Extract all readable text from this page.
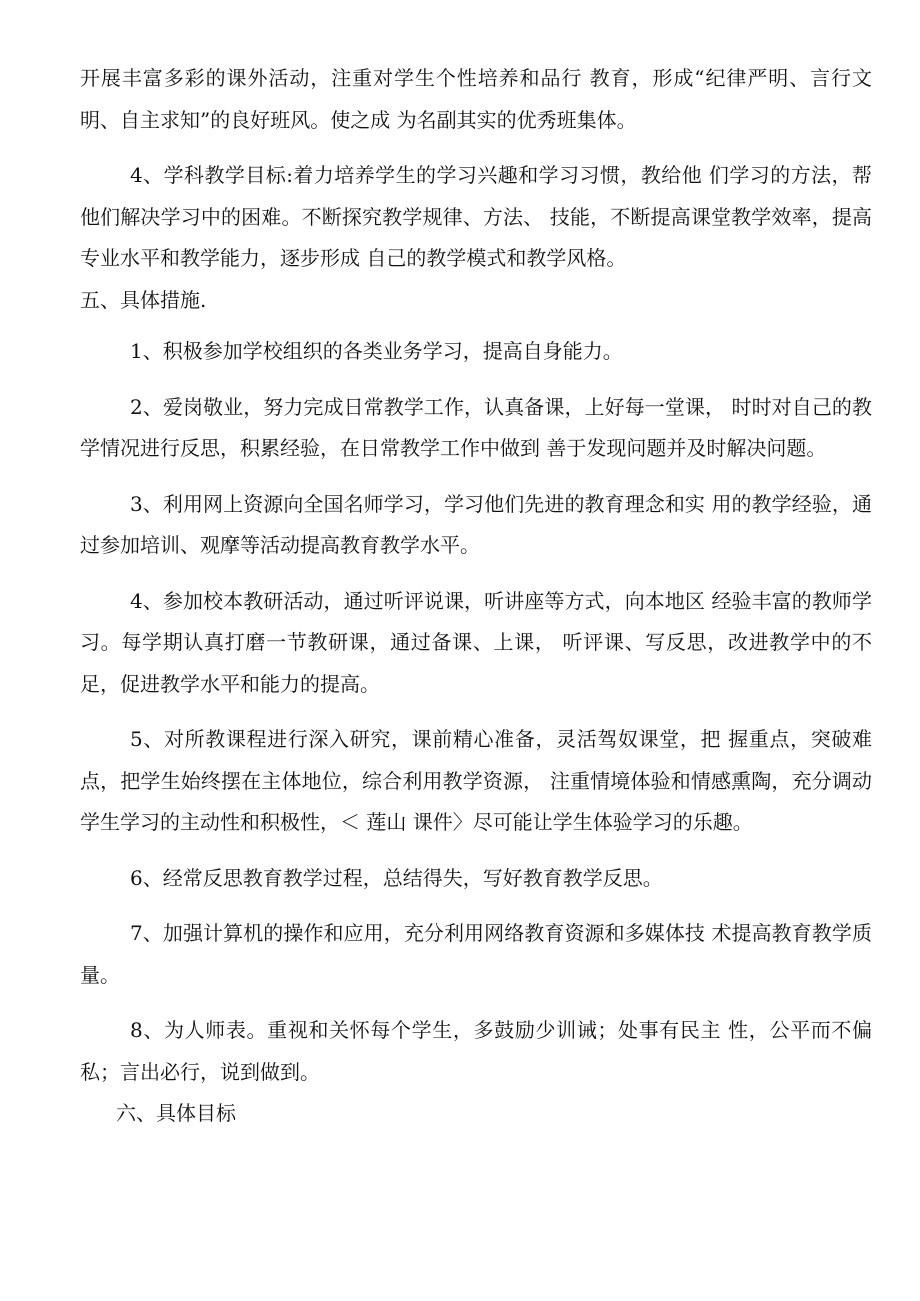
开展丰富多彩的课外活动，注重对学生个性培养和品行 教育，形成“纪律严明、言行文明、自主求知”的良好班风。使之成 为名副其实的优秀班集体。

4、学科教学目标:着力培养学生的学习兴趣和学习习惯，教给他 们学习的方法，帮他们解决学习中的困难。不断探究教学规律、方法、 技能，不断提高课堂教学效率，提高专业水平和教学能力，逐步形成 自己的教学模式和教学风格。

五、具体措施.

1、积极参加学校组织的各类业务学习，提高自身能力。

2、爱岗敬业，努力完成日常教学工作，认真备课，上好每一堂课， 时时对自己的教学情况进行反思，积累经验，在日常教学工作中做到 善于发现问题并及时解决问题。

3、利用网上资源向全国名师学习，学习他们先进的教育理念和实 用的教学经验，通过参加培训、观摩等活动提高教育教学水平。

4、参加校本教研活动，通过听评说课，听讲座等方式，向本地区 经验丰富的教师学习。每学期认真打磨一节教研课，通过备课、上课， 听评课、写反思，改进教学中的不足，促进教学水平和能力的提高。

5、对所教课程进行深入研究，课前精心准备，灵活驾奴课堂，把 握重点，突破难点，把学生始终摆在主体地位，综合利用教学资源， 注重情境体验和情感熏陶，充分调动学生学习的主动性和积极性，＜ 莲山 课件〉尽可能让学生体验学习的乐趣。

6、经常反思教育教学过程，总结得失，写好教育教学反思。

7、加强计算机的操作和应用，充分利用网络教育资源和多媒体技 术提高教育教学质量。

8、为人师表。重视和关怀每个学生，多鼓励少训诫；处事有民主 性，公平而不偏私；言出必行，说到做到。

六、具体目标
